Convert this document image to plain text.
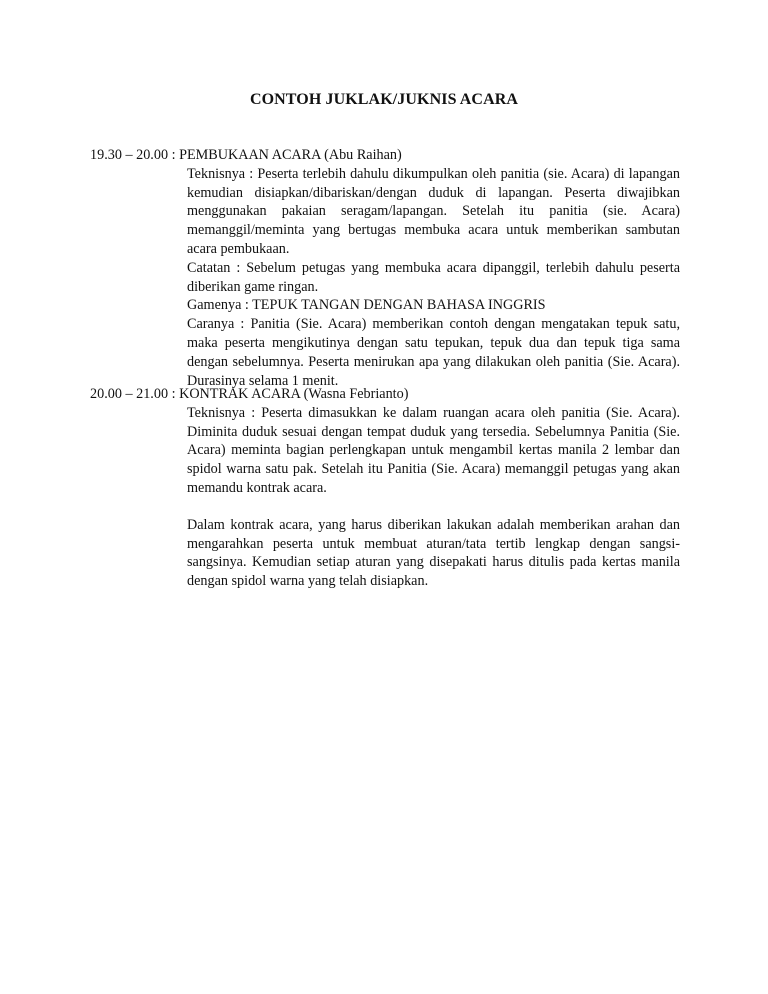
CONTOH JUKLAK/JUKNIS ACARA
19.30 – 20.00 : PEMBUKAAN ACARA (Abu Raihan)

Teknisnya : Peserta terlebih dahulu dikumpulkan oleh panitia (sie. Acara) di lapangan kemudian disiapkan/dibariskan/dengan duduk di lapangan. Peserta diwajibkan menggunakan pakaian seragam/lapangan. Setelah itu panitia (sie. Acara) memanggil/meminta yang bertugas membuka acara untuk memberikan sambutan acara pembukaan.

Catatan : Sebelum petugas yang membuka acara dipanggil, terlebih dahulu peserta diberikan game ringan.

Gamenya : TEPUK TANGAN DENGAN BAHASA INGGRIS

Caranya : Panitia (Sie. Acara) memberikan contoh dengan mengatakan tepuk satu, maka peserta mengikutinya dengan satu tepukan, tepuk dua dan tepuk tiga sama dengan sebelumnya. Peserta menirukan apa yang dilakukan oleh panitia (Sie. Acara). Durasinya selama 1 menit.

20.00 – 21.00 : KONTRAK ACARA (Wasna Febrianto)

Teknisnya : Peserta dimasukkan ke dalam ruangan acara oleh panitia (Sie. Acara). Diminita duduk sesuai dengan tempat duduk yang tersedia. Sebelumnya Panitia (Sie. Acara) meminta bagian perlengkapan untuk mengambil kertas manila 2 lembar dan spidol warna satu pak. Setelah itu Panitia (Sie. Acara) memanggil petugas yang akan memandu kontrak acara.

Dalam kontrak acara, yang harus diberikan lakukan adalah memberikan arahan dan mengarahkan peserta untuk membuat aturan/tata tertib lengkap dengan sangsi-sangsinya. Kemudian setiap aturan yang disepakati harus ditulis pada kertas manila dengan spidol warna yang telah disiapkan.
